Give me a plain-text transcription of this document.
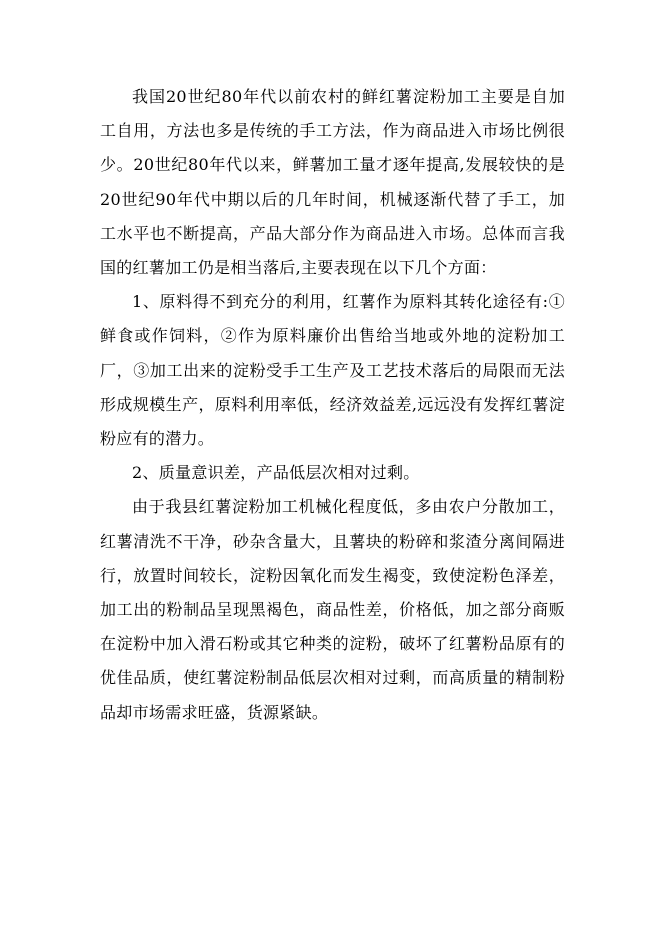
我国20世纪80年代以前农村的鲜红薯淀粉加工主要是自加工自用，方法也多是传统的手工方法，作为商品进入市场比例很少。20世纪80年代以来，鲜薯加工量才逐年提高,发展较快的是20世纪90年代中期以后的几年时间，机械逐渐代替了手工，加工水平也不断提高，产品大部分作为商品进入市场。总体而言我国的红薯加工仍是相当落后,主要表现在以下几个方面：

1、原料得不到充分的利用，红薯作为原料其转化途径有:①鲜食或作饲料，②作为原料廉价出售给当地或外地的淀粉加工厂，③加工出来的淀粉受手工生产及工艺技术落后的局限而无法形成规模生产，原料利用率低，经济效益差,远远没有发挥红薯淀粉应有的潜力。

2、质量意识差，产品低层次相对过剩。

由于我县红薯淀粉加工机械化程度低，多由农户分散加工，红薯清洗不干净，砂杂含量大，且薯块的粉碎和浆渣分离间隔进行，放置时间较长，淀粉因氧化而发生褐变，致使淀粉色泽差，加工出的粉制品呈现黑褐色，商品性差，价格低，加之部分商贩在淀粉中加入滑石粉或其它种类的淀粉，破坏了红薯粉品原有的优佳品质，使红薯淀粉制品低层次相对过剩，而高质量的精制粉品却市场需求旺盛，货源紧缺。
